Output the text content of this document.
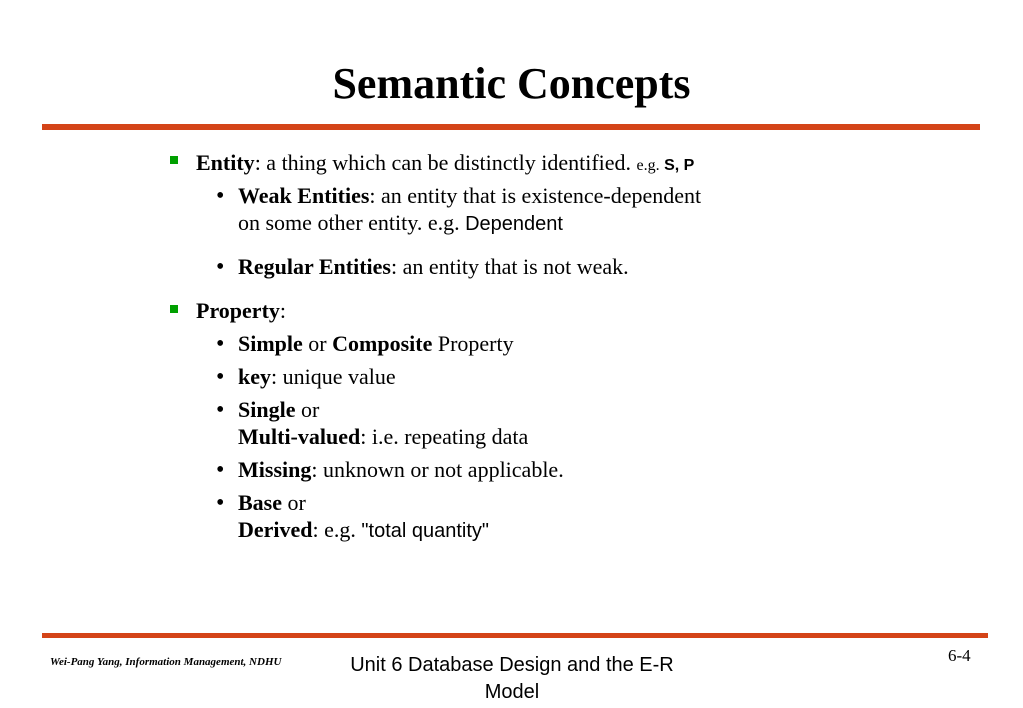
Semantic Concepts
Entity: a thing which can be distinctly identified. e.g. S, P
• Weak Entities: an entity that is existence-dependent
on some other entity. e.g. Dependent
• Regular Entities: an entity that is not weak.
Property:
• Simple or Composite Property
• key: unique value
• Single or
Multi-valued: i.e. repeating data
• Missing: unknown or not applicable.
• Base or
Derived: e.g. "total quantity"
Wei-Pang Yang, Information Management, NDHU	Unit 6 Database Design and the E-R
Model
6-4
